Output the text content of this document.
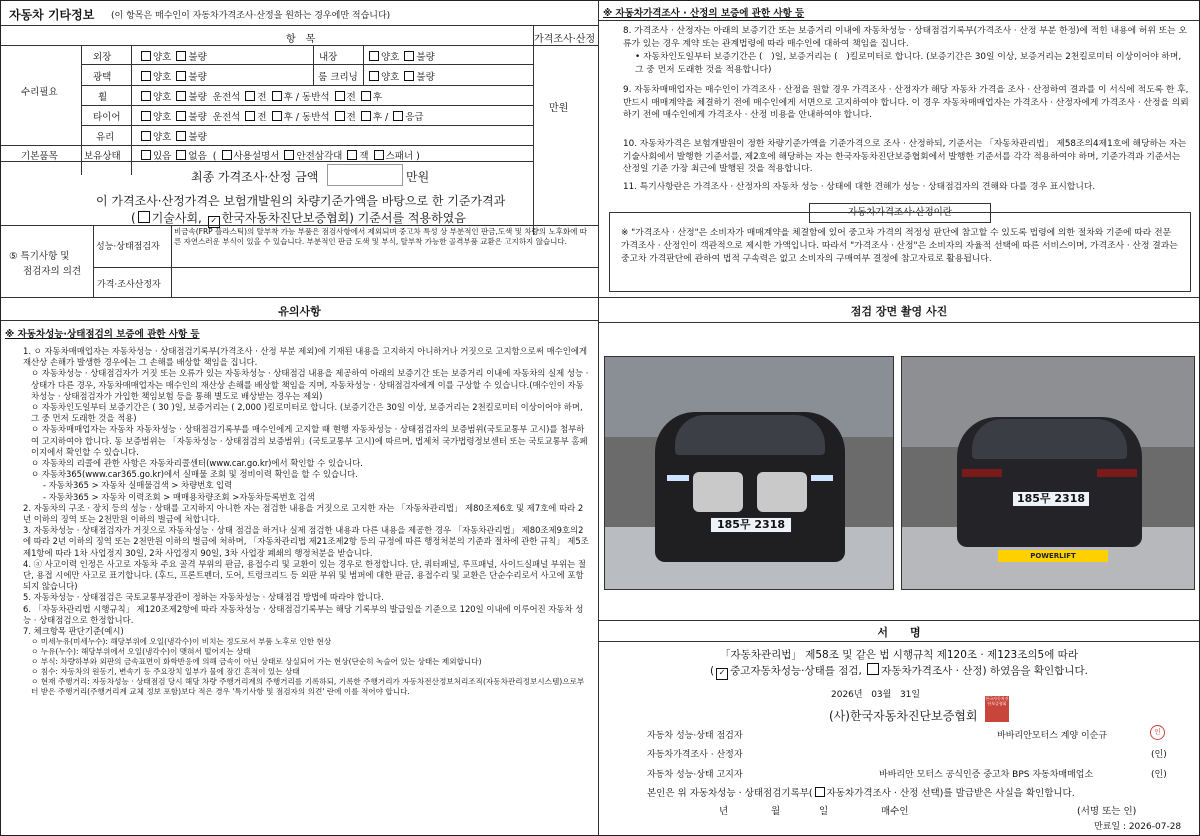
자동차 기타정보 (이 항목은 매수인이 자동차가격조사·산정을 원하는 경우에만 적습니다)
항　목	가격조사·산정
수리필요
외장	양호 불량	내장	양호 불량
광택	양호 불량	룸 크리닝	양호 불량
휠	양호 불량 운전석 전 후 / 동반석 전 후
타이어	양호 불량 운전석 전 후 / 동반석 전 후 / 응급
유리	양호 불량
만원
기본품목	보유상태	있음 없음 ( 사용설명서 안전삼각대 잭 스패너 )
최종 가격조사·산정 금액	만원
이 가격조사·산정가격은 보험개발원의 차량기준가액을 바탕으로 한 기준가격과
( 기술사회, ✓ 한국자동차진단보증협회) 기준서를 적용하였음
⑤ 특기사항 및
점검자의 의견
성능·상태점검자
비금속(FRP 플라스틱)의 탈부착 가능 부품은 점검사항에서 제외되며 중고차 특성 상 부분적인 판금,도색 및 차량의 노후화에 따른 자연스러운 부식이 있을 수 있습니다. 부분적인 판금 도색 및 부식, 탈부착 가능한 골격부품 교환은 고지하지 않습니다.
가격·조사산정자
※ 자동차가격조사 · 산정의 보증에 관한 사항 등
8. 가격조사 · 산정자는 아래의 보증기간 또는 보증거리 이내에 자동차성능 · 상태점검기록부(가격조사 · 산정 부분 한정)에 적힌 내용에 허위 또는 오류가 있는 경우 계약 또는 관계법령에 따라 매수인에 대하여 책임을 집니다.
• 자동차인도일부터 보증기간은 (　)일, 보증거리는 (　)킬로미터로 합니다. (보증기간은 30일 이상, 보증거리는 2천킬로미터 이상이어야 하며, 그 중 먼저 도래한 것을 적용합니다)
9. 자동차매매업자는 매수인이 가격조사 · 산정을 원할 경우 가격조사 · 산정자가 해당 자동차 가격을 조사 · 산정하여 결과를 이 서식에 적도록 한 후, 반드시 매매계약을 체결하기 전에 매수인에게 서면으로 고지하여야 합니다. 이 경우 자동차매매업자는 가격조사 · 산정자에게 가격조사 · 산정을 의뢰하기 전에 매수인에게 가격조사 · 산정 비용을 안내하여야 합니다.
10. 자동차가격은 보험개발원이 정한 차량기준가액을 기준가격으로 조사 · 산정하되, 기준서는 「자동차관리법」 제58조의4제1호에 해당하는 자는 기술사회에서 발행한 기준서를, 제2호에 해당하는 자는 한국자동차진단보증협회에서 발행한 기준서를 각각 적용하여야 하며, 기준가격과 기준서는 산정일 기준 가장 최근에 발행된 것을 적용합니다.
11. 특기사항란은 가격조사 · 산정자의 자동차 성능 · 상태에 대한 견해가 성능 · 상태점검자의 견해와 다를 경우 표시합니다.
자동차가격조사·산정이란
※ "가격조사 · 산정"은 소비자가 매매계약을 체결함에 있어 중고차 가격의 적정성 판단에 참고할 수 있도록 법령에 의한 절차와 기준에 따라 전문 가격조사 · 산정인이 객관적으로 제시한 가액입니다. 따라서 "가격조사 · 산정"은 소비자의 자율적 선택에 따른 서비스이며, 가격조사 · 산정 결과는 중고차 가격판단에 관하여 법적 구속력은 없고 소비자의 구매여부 결정에 참고자료로 활용됩니다.
유의사항
※ 자동차성능·상태점검의 보증에 관한 사항 등
1. ㅇ 자동차매매업자는 자동차성능 · 상태점검기록부(가격조사 · 산정 부분 제외)에 기재된 내용을 고지하지 아니하거나 거짓으로 고지함으로써 매수인에게 재산상 손해가 발생한 경우에는 그 손해를 배상할 책임을 집니다.
ㅇ 자동차성능 · 상태점검자가 거짓 또는 오류가 있는 자동차성능 · 상태점검 내용을 제공하여 아래의 보증기간 또는 보증거리 이내에 자동차의 실제 성능 · 상태가 다른 경우, 자동차매매업자는 매수인의 재산상 손해를 배상할 책임을 지며, 자동차성능 · 상태점검자에게 이를 구상할 수 있습니다.(매수인이 자동차성능 · 상태점검자가 가입한 책임보험 등을 통해 별도로 배상받는 경우는 제외)
ㅇ 자동차인도일부터 보증기간은 ( 30 )일, 보증거리는 ( 2,000 )킬로미터로 합니다. (보증기간은 30일 이상, 보증거리는 2천킬로미터 이상이어야 하며, 그 중 먼저 도래한 것을 적용)
ㅇ 자동차매매업자는 자동차 자동차성능 · 상태점검기록부를 매수인에게 고지할 때 현행 자동차성능 · 상태점검자의 보증범위(국토교통부 고시)를 첨부하여 고지하여야 합니다. 동 보증범위는 「자동차성능 · 상태점검의 보증범위」(국토교통부 고시)에 따르며, 법제처 국가법령정보센터 또는 국토교통부 홈페이지에서 확인할 수 있습니다.
ㅇ 자동차의 리콜에 관한 사항은 자동차리콜센터(www.car.go.kr)에서 확인할 수 있습니다.
ㅇ 자동차365(www.car365.go.kr)에서 실매물 조회 및 정비이력 확인을 할 수 있습니다.
- 자동차365 > 자동차 실매물검색 > 차량번호 입력
- 자동차365 > 자동차 이력조회 > 매매용차량조회 >자동차등록번호 검색
2. 자동차의 구조 · 장치 등의 성능 · 상태를 고지하지 아니한 자는 점검한 내용을 거짓으로 고지한 자는 「자동차관리법」 제80조제6호 및 제7호에 따라 2년 이하의 징역 또는 2천만원 이하의 벌금에 처합니다.
3. 자동차성능 · 상태점검자가 거짓으로 자동차성능 · 상태 점검을 하거나 실제 점검한 내용과 다른 내용을 제공한 경우 「자동차관리법」 제80조제9호의2에 따라 2년 이하의 징역 또는 2천만원 이하의 벌금에 처하며, 「자동차관리법 제21조제2항 등의 규정에 따른 행정처분의 기준과 절차에 관한 규칙」 제5조제1항에 따라 1차 사업정지 30일, 2차 사업정지 90일, 3차 사업장 폐쇄의 행정처분을 받습니다.
4. ⓐ 사고이력 인정은 사고로 자동차 주요 골격 부위의 판금, 용접수리 및 교환이 있는 경우로 한정합니다. 단, 쿼터패널, 루프패널, 사이드실패널 부위는 절단, 용접 시에만 사고로 표기합니다. (후드, 프론트펜더, 도어, 트렁크리드 등 외판 부위 및 범퍼에 대한 판금, 용접수리 및 교환은 단순수리로서 사고에 포함되지 않습니다)
5. 자동차성능 · 상태점검은 국토교통부장관이 정하는 자동차성능 · 상태점검 방법에 따라야 합니다.
6. 「자동차관리법 시행규칙」 제120조제2항에 따라 자동차성능 · 상태점검기록부는 해당 기록부의 발급일을 기준으로 120일 이내에 이루어진 자동차 성능 · 상태점검으로 한정합니다.
7. 체크항목 판단기준(예시)
ㅇ 미세누유(미세누수): 해당부위에 오일(냉각수)이 비치는 정도로서 부품 노후로 인한 현상
ㅇ 누유(누수): 해당부위에서 오일(냉각수)이 맺혀서 떨어지는 상태
ㅇ 부식: 차량하부와 외판의 금속표면이 화학반응에 의해 금속이 아닌 상태로 상실되어 가는 현상(단순히 녹슬어 있는 상태는 제외합니다)
ㅇ 침수: 자동차의 원동기, 변속기 등 주요장치 일부가 물에 잠긴 흔적이 있는 상태
ㅇ 현재 주행거리: 자동차성능 · 상태점검 당시 해당 차량 주행거리계의 주행거리를 기록하되, 기록한 주행거리가 자동차전산정보처리조직(자동차관리정보시스템)으로부터 받은 주행거리(주행거리계 교체 정보 포함)보다 적은 경우 '특기사항 및 점검자의 의견' 란에 이를 적어야 합니다.
점검 장면 촬영 사진
185무 2318
185무 2318
POWERLIFT
서　　명
「자동차관리법」 제58조 및 같은 법 시행규칙 제120조 · 제123조의5에 따라
( ✓ 중고자동차성능·상태를 점검, 자동차가격조사 · 산정) 하였음을 확인합니다.
2026년 03월 31일
(사)한국자동차진단보증협회
한국자동차진단보증협회
자동차 성능·상태 점검자	바바리안모터스 계양 이순규	인
자동차가격조사 · 산정자	(인)
자동차 성능·상태 고지자	바바리안 모터스 공식인증 중고차 BPS 자동차매매업소	(인)
본인은 위 자동차성능 · 상태점검기록부( 자동차가격조사 · 산정 선택)를 발급받은 사실을 확인합니다.
년	월	일	매수인	(서명 또는 인)
만료일 : 2026-07-28
